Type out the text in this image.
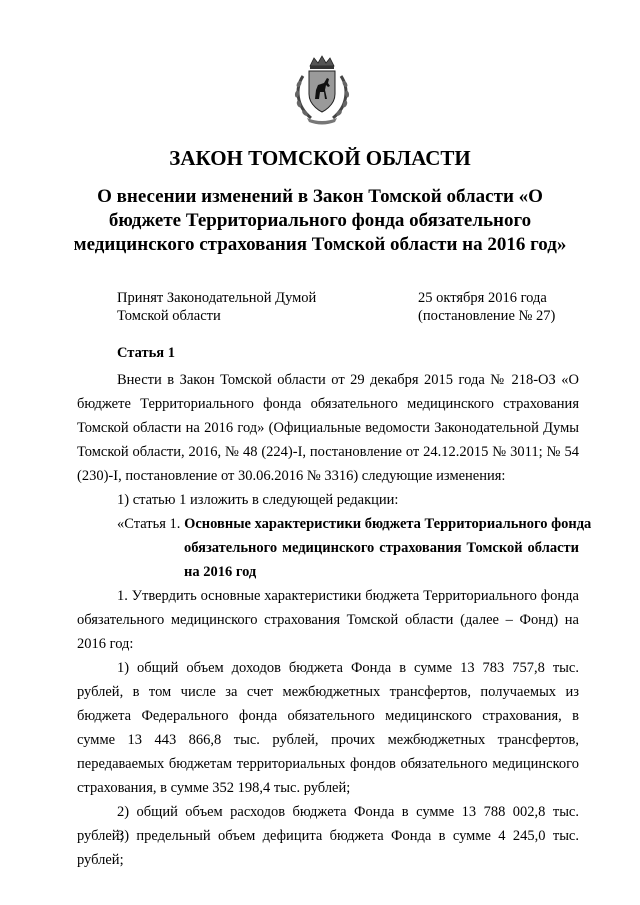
ЗАКОН ТОМСКОЙ ОБЛАСТИ
О внесении изменений в Закон Томской области «О бюджете Территориального фонда обязательного медицинского страхования Томской области на 2016 год»
Принят Законодательной Думой
Томской области
25 октября 2016 года
(постановление № 27)
Статья 1

Внести в Закон Томской области от 29 декабря 2015 года № 218-ОЗ «О бюджете Территориального фонда обязательного медицинского страхования Томской области на 2016 год» (Официальные ведомости Законодательной Думы Томской области, 2016, № 48 (224)-I, постановление от 24.12.2015 № 3011; № 54 (230)-I, постановление от 30.06.2016 № 3316) следующие изменения:

1) статью 1 изложить в следующей редакции:

«Статья 1. Основные характеристики бюджета Территориального фонда

обязательного медицинского страхования Томской области на 2016 год

1. Утвердить основные характеристики бюджета Территориального фонда обязательного медицинского страхования Томской области (далее – Фонд) на 2016 год:

1) общий объем доходов бюджета Фонда в сумме 13 783 757,8 тыс. рублей, в том числе за счет межбюджетных трансфертов, получаемых из бюджета Федерального фонда обязательного медицинского страхования, в сумме 13 443 866,8 тыс. рублей, прочих межбюджетных трансфертов, передаваемых бюджетам территориальных фондов обязательного медицинского страхования, в сумме 352 198,4 тыс. рублей;

2) общий объем расходов бюджета Фонда в сумме 13 788 002,8 тыс. рублей;

3) предельный объем дефицита бюджета Фонда в сумме 4 245,0 тыс. рублей;
